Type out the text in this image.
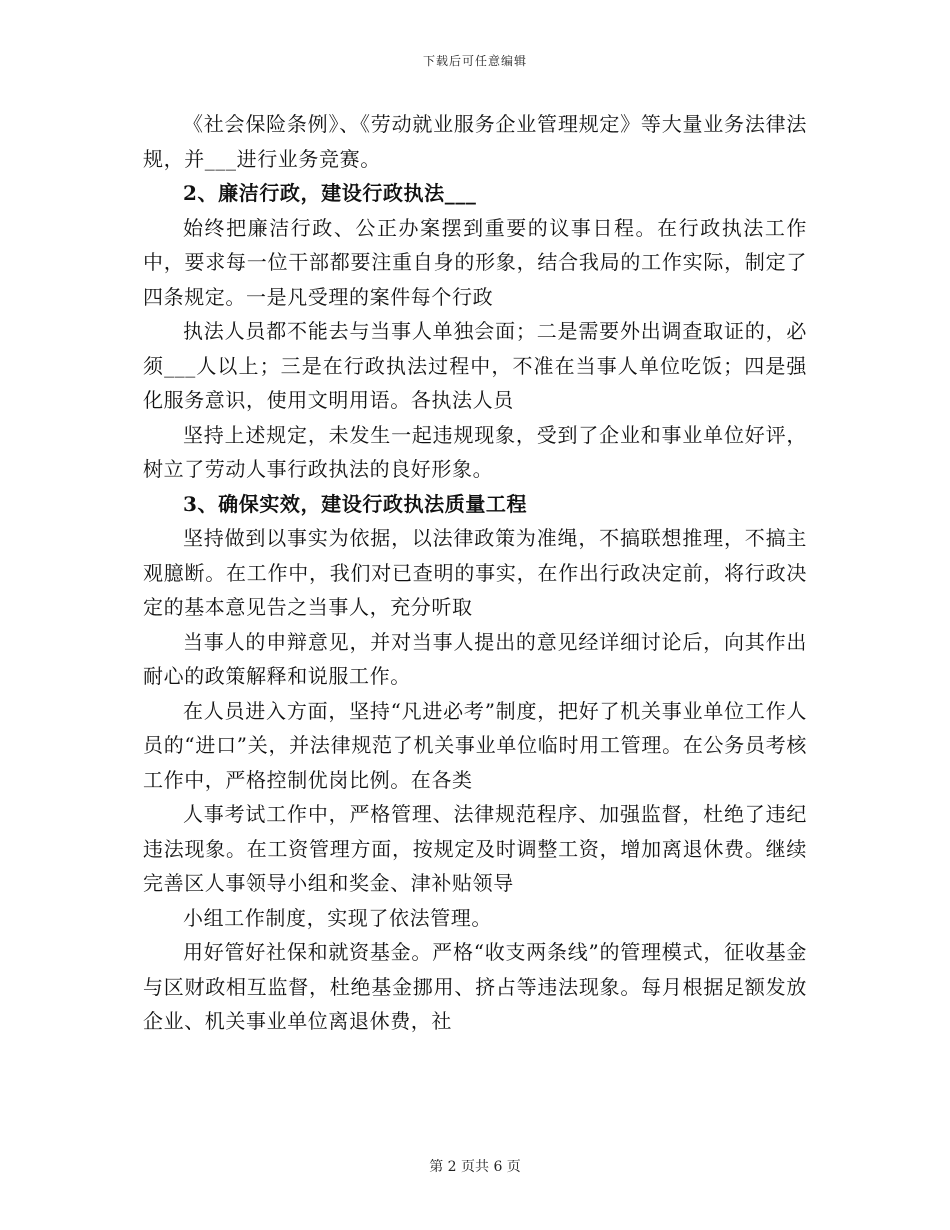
下载后可任意编辑

《社会保险条例》、《劳动就业服务企业管理规定》等大量业务法律法规，并___进行业务竞赛。

2、廉洁行政，建设行政执法___

始终把廉洁行政、公正办案摆到重要的议事日程。在行政执法工作中，要求每一位干部都要注重自身的形象，结合我局的工作实际，制定了四条规定。一是凡受理的案件每个行政

执法人员都不能去与当事人单独会面；二是需要外出调查取证的，必须___人以上；三是在行政执法过程中，不准在当事人单位吃饭；四是强化服务意识，使用文明用语。各执法人员

坚持上述规定，未发生一起违规现象，受到了企业和事业单位好评，树立了劳动人事行政执法的良好形象。

3、确保实效，建设行政执法质量工程

坚持做到以事实为依据，以法律政策为准绳，不搞联想推理，不搞主观臆断。在工作中，我们对已查明的事实，在作出行政决定前，将行政决定的基本意见告之当事人，充分听取

当事人的申辩意见，并对当事人提出的意见经详细讨论后，向其作出耐心的政策解释和说服工作。

在人员进入方面，坚持“凡进必考”制度，把好了机关事业单位工作人员的“进口”关，并法律规范了机关事业单位临时用工管理。在公务员考核工作中，严格控制优岗比例。在各类

人事考试工作中，严格管理、法律规范程序、加强监督，杜绝了违纪违法现象。在工资管理方面，按规定及时调整工资，增加离退休费。继续完善区人事领导小组和奖金、津补贴领导

小组工作制度，实现了依法管理。

用好管好社保和就资基金。严格“收支两条线”的管理模式，征收基金与区财政相互监督，杜绝基金挪用、挤占等违法现象。每月根据足额发放企业、机关事业单位离退休费，社

第 2 页共 6 页
